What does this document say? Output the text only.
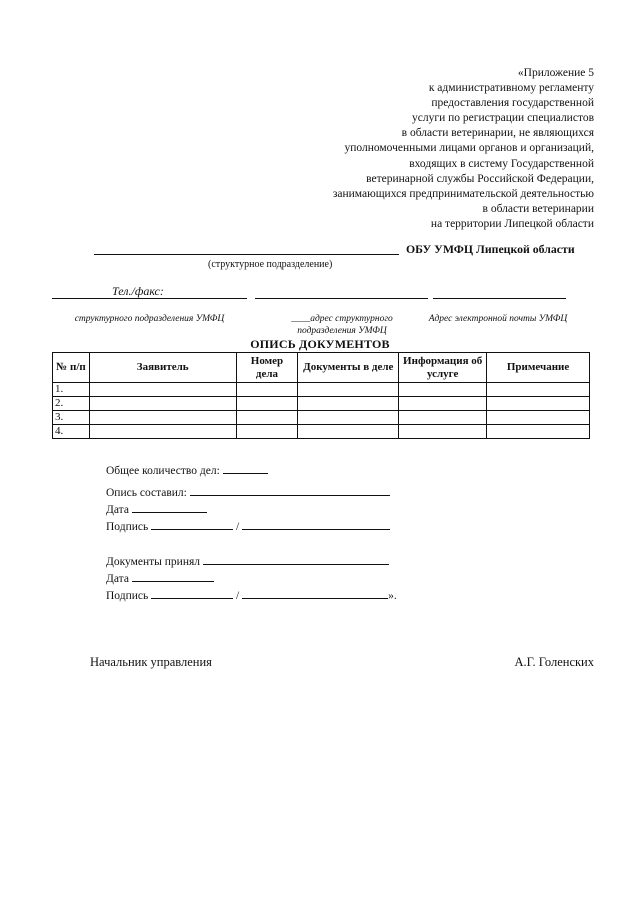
«Приложение 5
к административному регламенту
предоставления государственной
услуги по регистрации специалистов
в области ветеринарии, не являющихся
уполномоченными лицами органов и организаций,
входящих в систему Государственной
ветеринарной службы Российской Федерации,
занимающихся предпринимательской деятельностью
в области ветеринарии
на территории Липецкой области
ОБУ УМФЦ Липецкой области
(структурное подразделение)
Тел./факс:
структурного подразделения УМФЦ	____адрес структурного подразделения УМФЦ
Адрес электронной почты УМФЦ
ОПИСЬ ДОКУМЕНТОВ
№ п/п	Заявитель	Номер дела	Документы в деле	Информация об услуге	Примечание
1.					
2.					
3.					
4.					
Общее количество дел:
Опись составил:
Дата
Подпись	/
Документы принял
Дата
Подпись	/	».
Начальник управления	А.Г. Голенских
